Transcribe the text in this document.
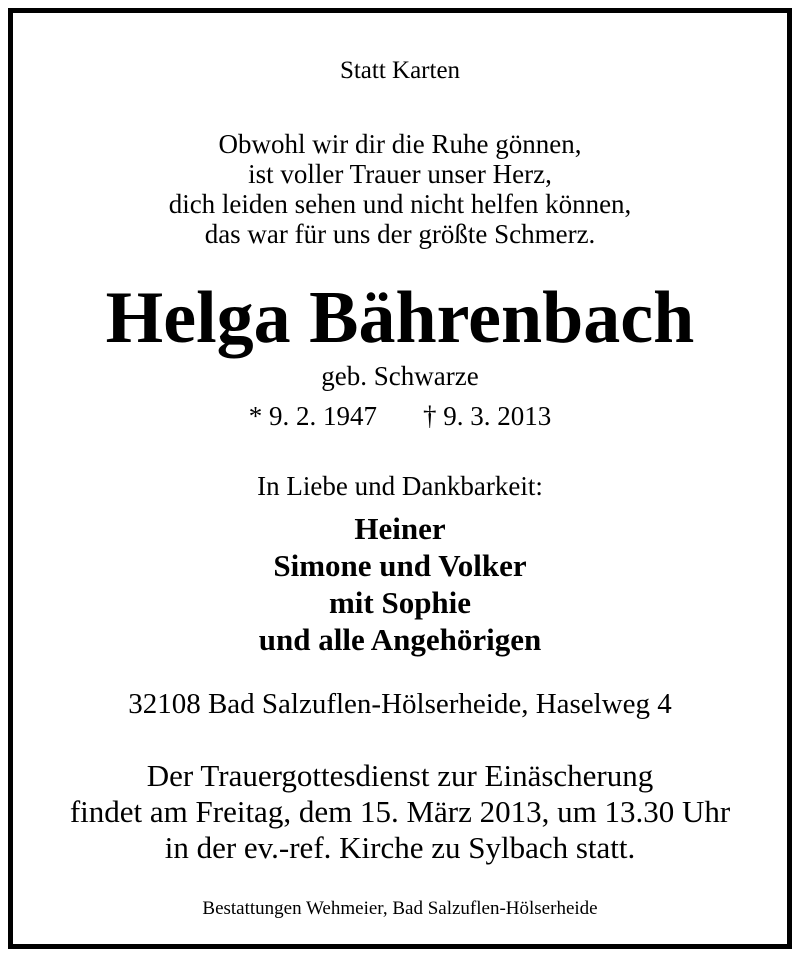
Statt Karten
Obwohl wir dir die Ruhe gönnen,
ist voller Trauer unser Herz,
dich leiden sehen und nicht helfen können,
das war für uns der größte Schmerz.
Helga Bährenbach
geb. Schwarze
* 9. 2. 1947 † 9. 3. 2013
In Liebe und Dankbarkeit:
Heiner
Simone und Volker
mit Sophie
und alle Angehörigen
32108 Bad Salzuflen-Hölserheide, Haselweg 4
Der Trauergottesdienst zur Einäscherung
findet am Freitag, dem 15. März 2013, um 13.30 Uhr
in der ev.-ref. Kirche zu Sylbach statt.
Bestattungen Wehmeier, Bad Salzuflen-Hölserheide
